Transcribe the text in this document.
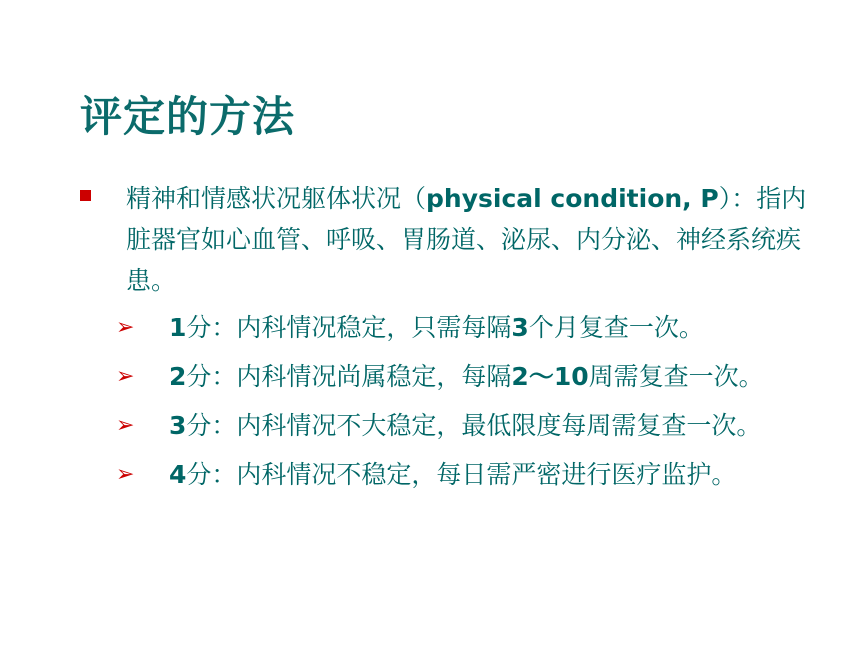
评定的方法
精神和情感状况躯体状况（physical condition, P）：指内脏器官如心血管、呼吸、胃肠道、泌尿、内分泌、神经系统疾患。
➢ 1分：内科情况稳定，只需每隔3个月复查一次。
➢ 2分：内科情况尚属稳定，每隔2～10周需复查一次。
➢ 3分：内科情况不大稳定，最低限度每周需复查一次。
➢ 4分：内科情况不稳定，每日需严密进行医疗监护。
